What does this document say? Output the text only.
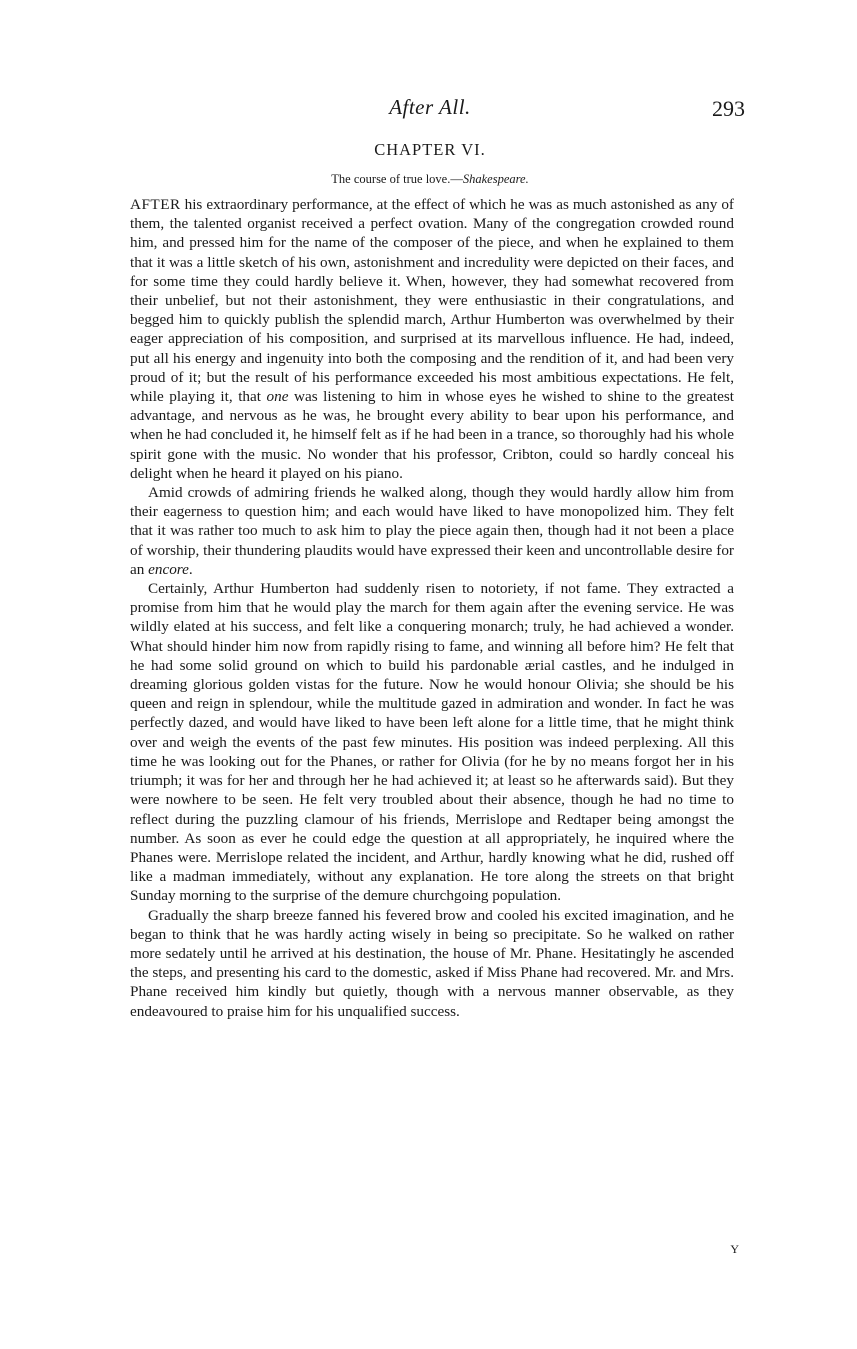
After All.	293
CHAPTER VI.
The course of true love.—Shakespeare.

AFTER his extraordinary performance, at the effect of which he was as much astonished as any of them, the talented organist received a perfect ovation. Many of the congregation crowded round him, and pressed him for the name of the composer of the piece, and when he explained to them that it was a little sketch of his own, astonishment and incredulity were depicted on their faces, and for some time they could hardly believe it. When, however, they had somewhat recovered from their unbelief, but not their astonishment, they were enthusiastic in their congratulations, and begged him to quickly publish the splendid march, Arthur Humberton was overwhelmed by their eager appreciation of his composition, and surprised at its marvellous influence. He had, indeed, put all his energy and ingenuity into both the composing and the rendition of it, and had been very proud of it; but the result of his performance exceeded his most ambitious expectations. He felt, while playing it, that one was listening to him in whose eyes he wished to shine to the greatest advantage, and nervous as he was, he brought every ability to bear upon his performance, and when he had concluded it, he himself felt as if he had been in a trance, so thoroughly had his whole spirit gone with the music. No wonder that his professor, Cribton, could so hardly conceal his delight when he heard it played on his piano.

Amid crowds of admiring friends he walked along, though they would hardly allow him from their eagerness to question him; and each would have liked to have monopolized him. They felt that it was rather too much to ask him to play the piece again then, though had it not been a place of worship, their thundering plaudits would have expressed their keen and uncontrollable desire for an encore.

Certainly, Arthur Humberton had suddenly risen to notoriety, if not fame. They extracted a promise from him that he would play the march for them again after the evening service. He was wildly elated at his success, and felt like a conquering monarch; truly, he had achieved a wonder. What should hinder him now from rapidly rising to fame, and winning all before him? He felt that he had some solid ground on which to build his pardonable ærial castles, and he indulged in dreaming glorious golden vistas for the future. Now he would honour Olivia; she should be his queen and reign in splendour, while the multitude gazed in admiration and wonder. In fact he was perfectly dazed, and would have liked to have been left alone for a little time, that he might think over and weigh the events of the past few minutes. His position was indeed perplexing. All this time he was looking out for the Phanes, or rather for Olivia (for he by no means forgot her in his triumph; it was for her and through her he had achieved it; at least so he afterwards said). But they were nowhere to be seen. He felt very troubled about their absence, though he had no time to reflect during the puzzling clamour of his friends, Merrislope and Redtaper being amongst the number. As soon as ever he could edge the question at all appropriately, he inquired where the Phanes were. Merrislope related the incident, and Arthur, hardly knowing what he did, rushed off like a madman immediately, without any explanation. He tore along the streets on that bright Sunday morning to the surprise of the demure churchgoing population.

Gradually the sharp breeze fanned his fevered brow and cooled his excited imagination, and he began to think that he was hardly acting wisely in being so precipitate. So he walked on rather more sedately until he arrived at his destination, the house of Mr. Phane. Hesitatingly he ascended the steps, and presenting his card to the domestic, asked if Miss Phane had recovered. Mr. and Mrs. Phane received him kindly but quietly, though with a nervous manner observable, as they endeavoured to praise him for his unqualified success.

Y
